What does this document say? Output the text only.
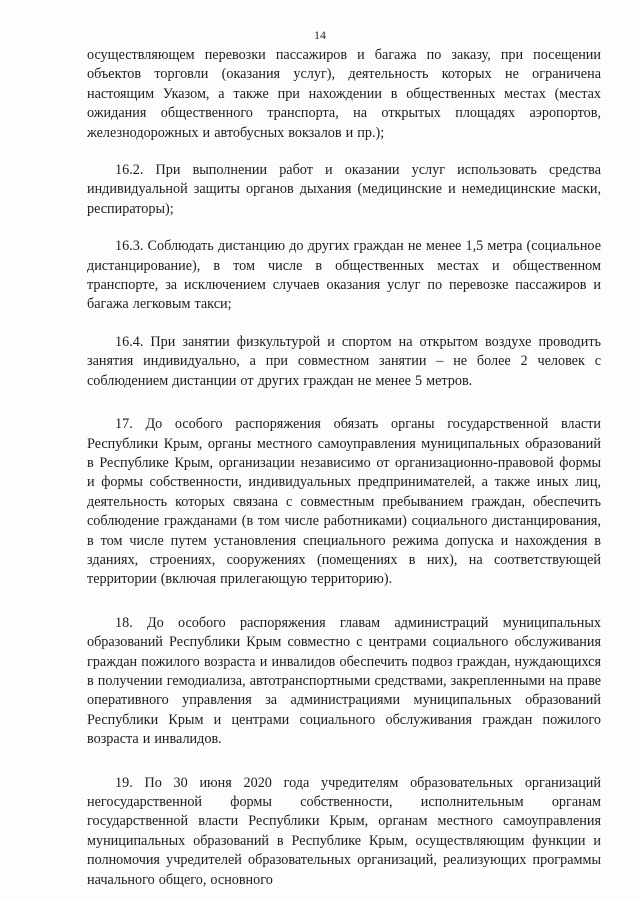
14

осуществляющем перевозки пассажиров и багажа по заказу, при посещении объектов торговли (оказания услуг), деятельность которых не ограничена настоящим Указом, а также при нахождении в общественных местах (местах ожидания общественного транспорта, на открытых площадях аэропортов, железнодорожных и автобусных вокзалов и пр.);

16.2. При выполнении работ и оказании услуг использовать средства индивидуальной защиты органов дыхания (медицинские и немедицинские маски, респираторы);

16.3. Соблюдать дистанцию до других граждан не менее 1,5 метра (социальное дистанцирование), в том числе в общественных местах и общественном транспорте, за исключением случаев оказания услуг по перевозке пассажиров и багажа легковым такси;

16.4. При занятии физкультурой и спортом на открытом воздухе проводить занятия индивидуально, а при совместном занятии – не более 2 человек с соблюдением дистанции от других граждан не менее 5 метров.

17. До особого распоряжения обязать органы государственной власти Республики Крым, органы местного самоуправления муниципальных образований в Республике Крым, организации независимо от организационно-правовой формы и формы собственности, индивидуальных предпринимателей, а также иных лиц, деятельность которых связана с совместным пребыванием граждан, обеспечить соблюдение гражданами (в том числе работниками) социального дистанцирования, в том числе путем установления специального режима допуска и нахождения в зданиях, строениях, сооружениях (помещениях в них), на соответствующей территории (включая прилегающую территорию).

18. До особого распоряжения главам администраций муниципальных образований Республики Крым совместно с центрами социального обслуживания граждан пожилого возраста и инвалидов обеспечить подвоз граждан, нуждающихся в получении гемодиализа, автотранспортными средствами, закрепленными на праве оперативного управления за администрациями муниципальных образований Республики Крым и центрами социального обслуживания граждан пожилого возраста и инвалидов.

19. По 30 июня 2020 года учредителям образовательных организаций негосударственной формы собственности, исполнительным органам государственной власти Республики Крым, органам местного самоуправления муниципальных образований в Республике Крым, осуществляющим функции и полномочия учредителей образовательных организаций, реализующих программы начального общего, основного
